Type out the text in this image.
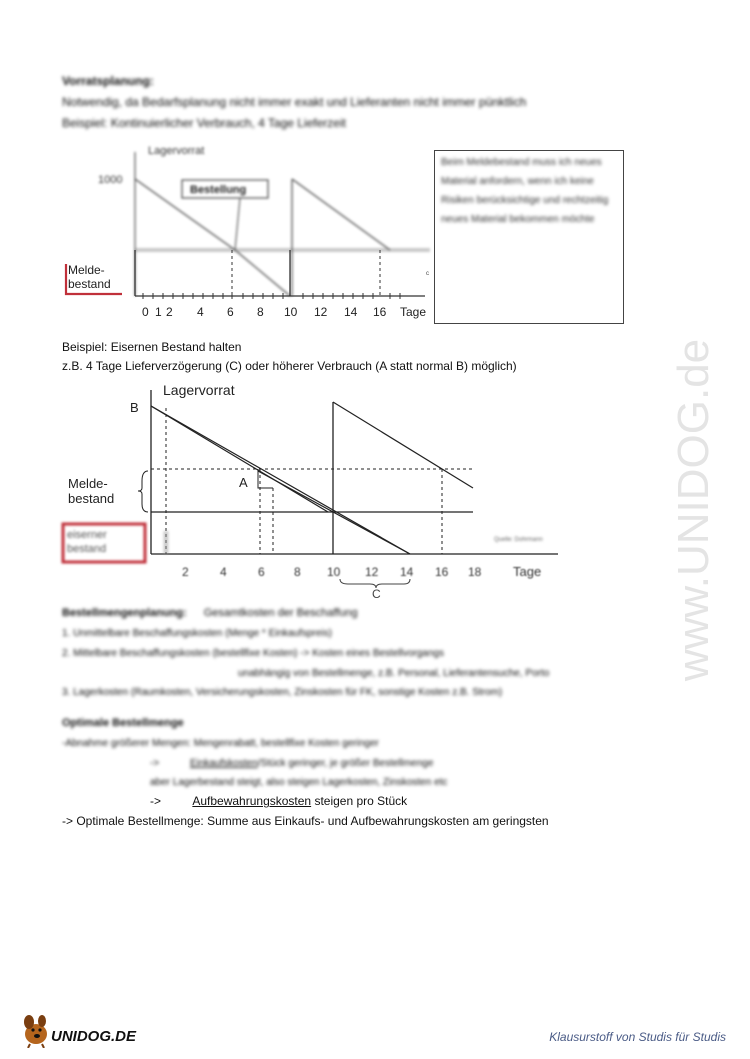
Vorratsplanung:
Notwendig, da Bedarfsplanung nicht immer exakt und Lieferanten nicht immer pünktlich
Beispiel: Kontinuierlicher Verbrauch, 4 Tage Lieferzeit
Lagervorrat
1000
Bestellung
0 1 2 4 6 8 10 12 14 16 Tage
Melde-
bestand
c
Beim Meldebestand muss ich neues Material anfordern, wenn ich keine Risiken berücksichtige und rechtzeitig neues Material bekommen möchte
Beispiel: Eisernen Bestand halten
z.B. 4 Tage Lieferverzögerung (C) oder höherer Verbrauch (A statt normal B) möglich)
Lagervorrat
B
A
Melde-
bestand
eiserner
bestand
Quelle: Dohrmann
2	4	6 8 10 12 14 16 18 Tage
C
Bestellmengenplanung: Gesamtkosten der Beschaffung
1. Unmittelbare Beschaffungskosten (Menge * Einkaufspreis)
2. Mittelbare Beschaffungskosten (bestellfixe Kosten) -> Kosten eines Bestellvorgangs
unabhängig von Bestellmenge, z.B. Personal, Lieferantensuche, Porto
3. Lagerkosten (Raumkosten, Versicherungskosten, Zinskosten für FK, sonstige Kosten z.B. Strom)
Optimale Bestellmenge
-Abnahme größerer Mengen: Mengenrabatt, bestellfixe Kosten geringer
->	Einkaufskosten/Stück geringer, je größer Bestellmenge
aber Lagerbestand steigt, also steigen Lagerkosten, Zinskosten etc
->	Aufbewahrungskosten steigen pro Stück
-> Optimale Bestellmenge: Summe aus Einkaufs- und Aufbewahrungskosten am geringsten
www.UNIDOG.de
UNIDOG.DE	Klausurstoff von Studis für Studis
